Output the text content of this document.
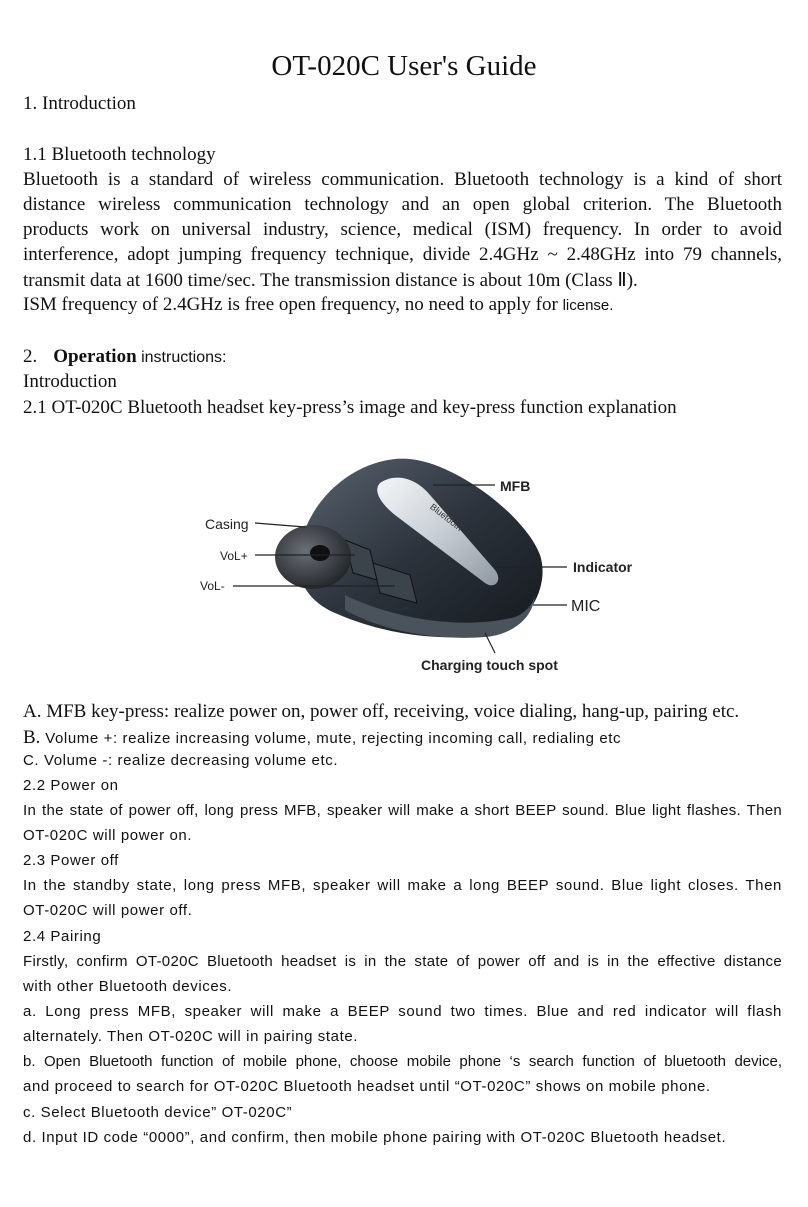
OT-020C User's Guide
1. Introduction
1.1 Bluetooth technology
Bluetooth is a standard of wireless communication. Bluetooth technology is a kind of short
distance wireless communication technology and an open global criterion. The Bluetooth
products work on universal industry, science, medical (ISM) frequency. In order to avoid
interference, adopt jumping frequency technique, divide 2.4GHz ~ 2.48GHz into 79 channels,
transmit data at 1600 time/sec. The transmission distance is about 10m (Class Ⅱ).
ISM frequency of 2.4GHz is free open frequency, no need to apply for license.
2. Operation instructions:
Introduction
2.1 OT-020C Bluetooth headset key-press’s image and key-press function explanation
Bluetooth
MFB
Casing
VoL+
VoL-
Indicator
MIC
Charging touch spot
A. MFB key-press: realize power on, power off, receiving, voice dialing, hang-up, pairing etc.
B. Volume +: realize increasing volume, mute, rejecting incoming call, redialing etc
C. Volume -: realize decreasing volume etc.
2.2 Power on
In the state of power off, long press MFB, speaker will make a short BEEP sound. Blue light flashes. Then
OT-020C will power on.
2.3 Power off
In the standby state, long press MFB, speaker will make a long BEEP sound. Blue light closes. Then
OT-020C will power off.
2.4 Pairing
Firstly, confirm OT-020C Bluetooth headset is in the state of power off and is in the effective distance
with other Bluetooth devices.
a. Long press MFB, speaker will make a BEEP sound two times. Blue and red indicator will flash
alternately. Then OT-020C will in pairing state.
b. Open Bluetooth function of mobile phone, choose mobile phone ‘s search function of bluetooth device,
and proceed to search for OT-020C Bluetooth headset until “OT-020C” shows on mobile phone.
c. Select Bluetooth device” OT-020C”
d. Input ID code “0000”, and confirm, then mobile phone pairing with OT-020C Bluetooth headset.
